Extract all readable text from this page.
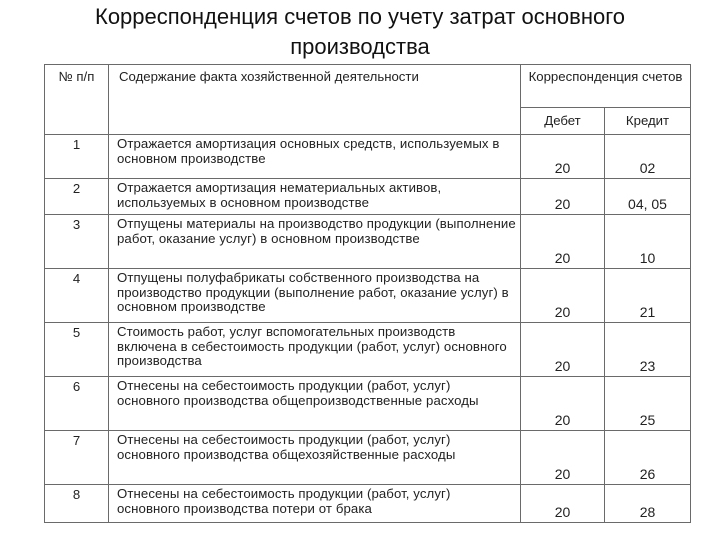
Корреспонденция счетов по учету затрат основного
производства
№ п/п	Содержание факта хозяйственной деятельности	Корреспонденция счетов	
		Дебет	Кредит
1	Отражается амортизация основных средств, используемых в основном производстве	20	02
2	Отражается амортизация нематериальных активов, используемых в основном производстве	20	04, 05
3	Отпущены материалы на производство продукции (выполнение работ, оказание услуг) в основном производстве	20	10
4	Отпущены полуфабрикаты собственного производства на производство продукции (выполнение работ, оказание услуг) в основном производстве	20	21
5	Стоимость работ, услуг вспомогательных производств включена в себестоимость продукции (работ, услуг) основного производства	20	23
6	Отнесены на себестоимость продукции (работ, услуг) основного производства общепроизводственные расходы	20	25
7	Отнесены на себестоимость продукции (работ, услуг) основного производства общехозяйственные расходы	20	26
8	Отнесены на себестоимость продукции (работ, услуг) основного производства потери от брака	20	28
